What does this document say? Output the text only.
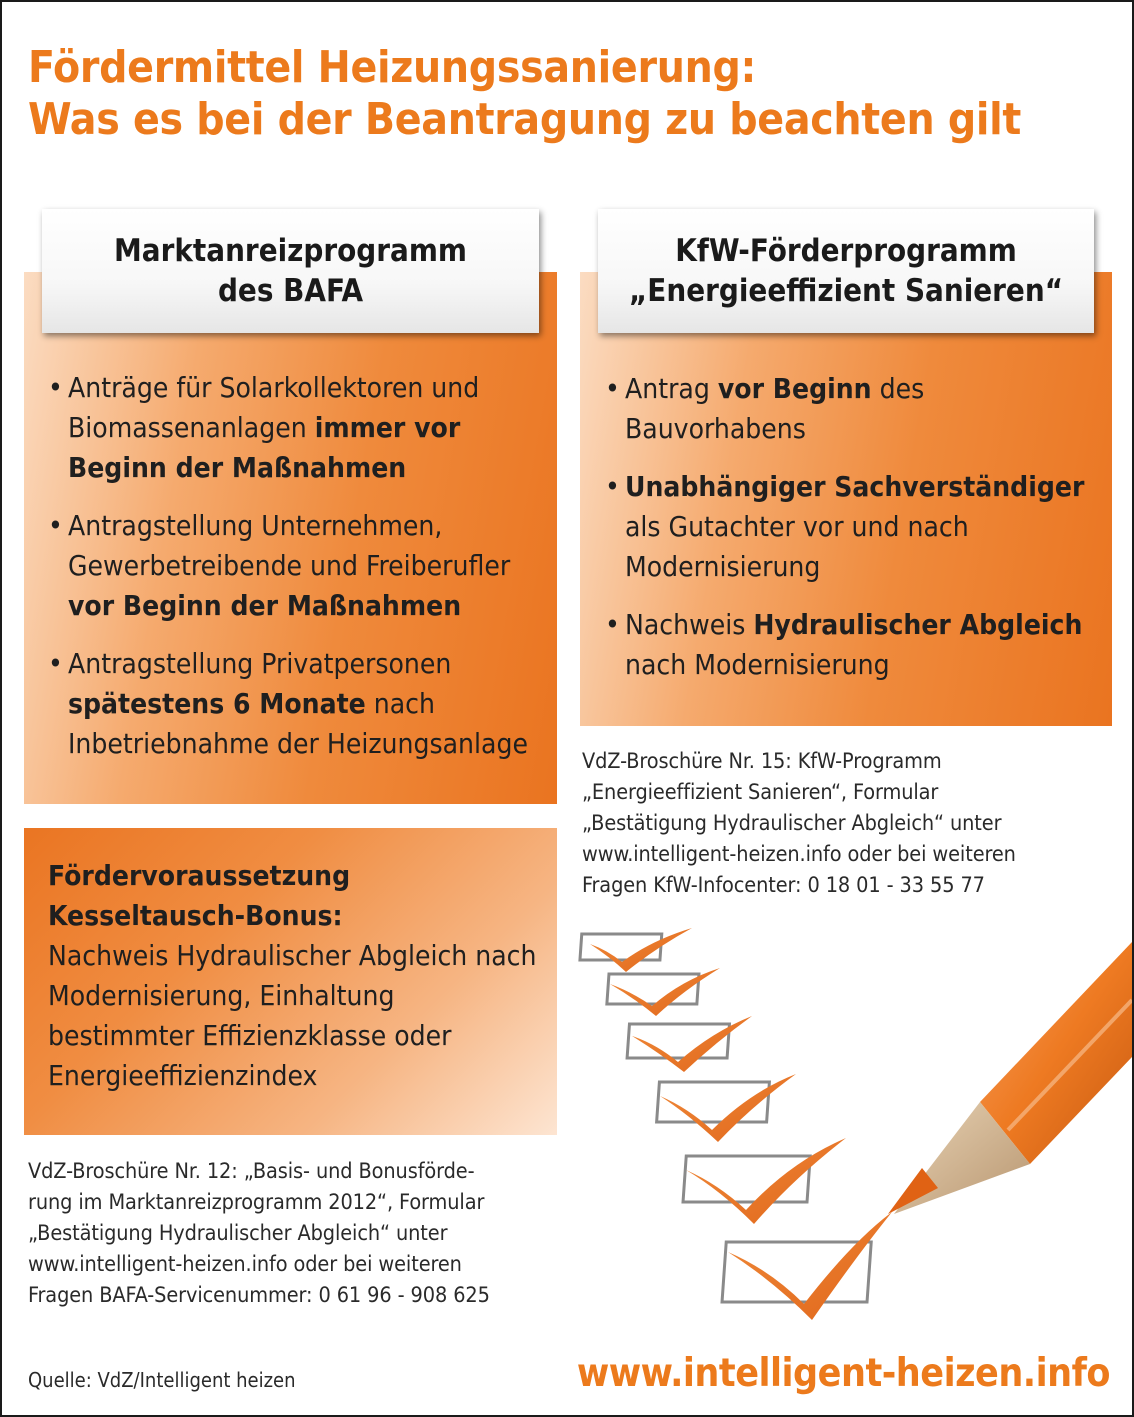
Fördermittel Heizungssanierung:
Was es bei der Beantragung zu beachten gilt
Marktanreizprogramm
des BAFA
• Anträge für Solarkollektoren und Biomassenanlagen immer vor Beginn der Maßnahmen
• Antragstellung Unternehmen, Gewerbetreibende und Freiberufler vor Beginn der Maßnahmen
• Antragstellung Privatpersonen spätestens 6 Monate nach Inbetriebnahme der Heizungsanlage
KfW-Förderprogramm
„Energieeffizient Sanieren“
• Antrag vor Beginn des Bauvorhabens
• Unabhängiger Sachverständiger als Gutachter vor und nach Modernisierung
• Nachweis Hydraulischer Abgleich nach Modernisierung
VdZ-Broschüre Nr. 15: KfW-Programm
„Energieeffizient Sanieren“, Formular
„Bestätigung Hydraulischer Abgleich“ unter
www.intelligent-heizen.info oder bei weiteren
Fragen KfW-Infocenter: 0 18 01 - 33 55 77
Fördervoraussetzung Kesseltausch-Bonus:
Nachweis Hydraulischer Abgleich nach Modernisierung, Einhaltung bestimmter Effizienzklasse oder Energieeffizienzindex
VdZ-Broschüre Nr. 12: „Basis- und Bonusförde-
rung im Marktanreizprogramm 2012“, Formular
„Bestätigung Hydraulischer Abgleich“ unter
www.intelligent-heizen.info oder bei weiteren
Fragen BAFA-Servicenummer: 0 61 96 - 908 625
Quelle: VdZ/Intelligent heizen	www.intelligent-heizen.info
